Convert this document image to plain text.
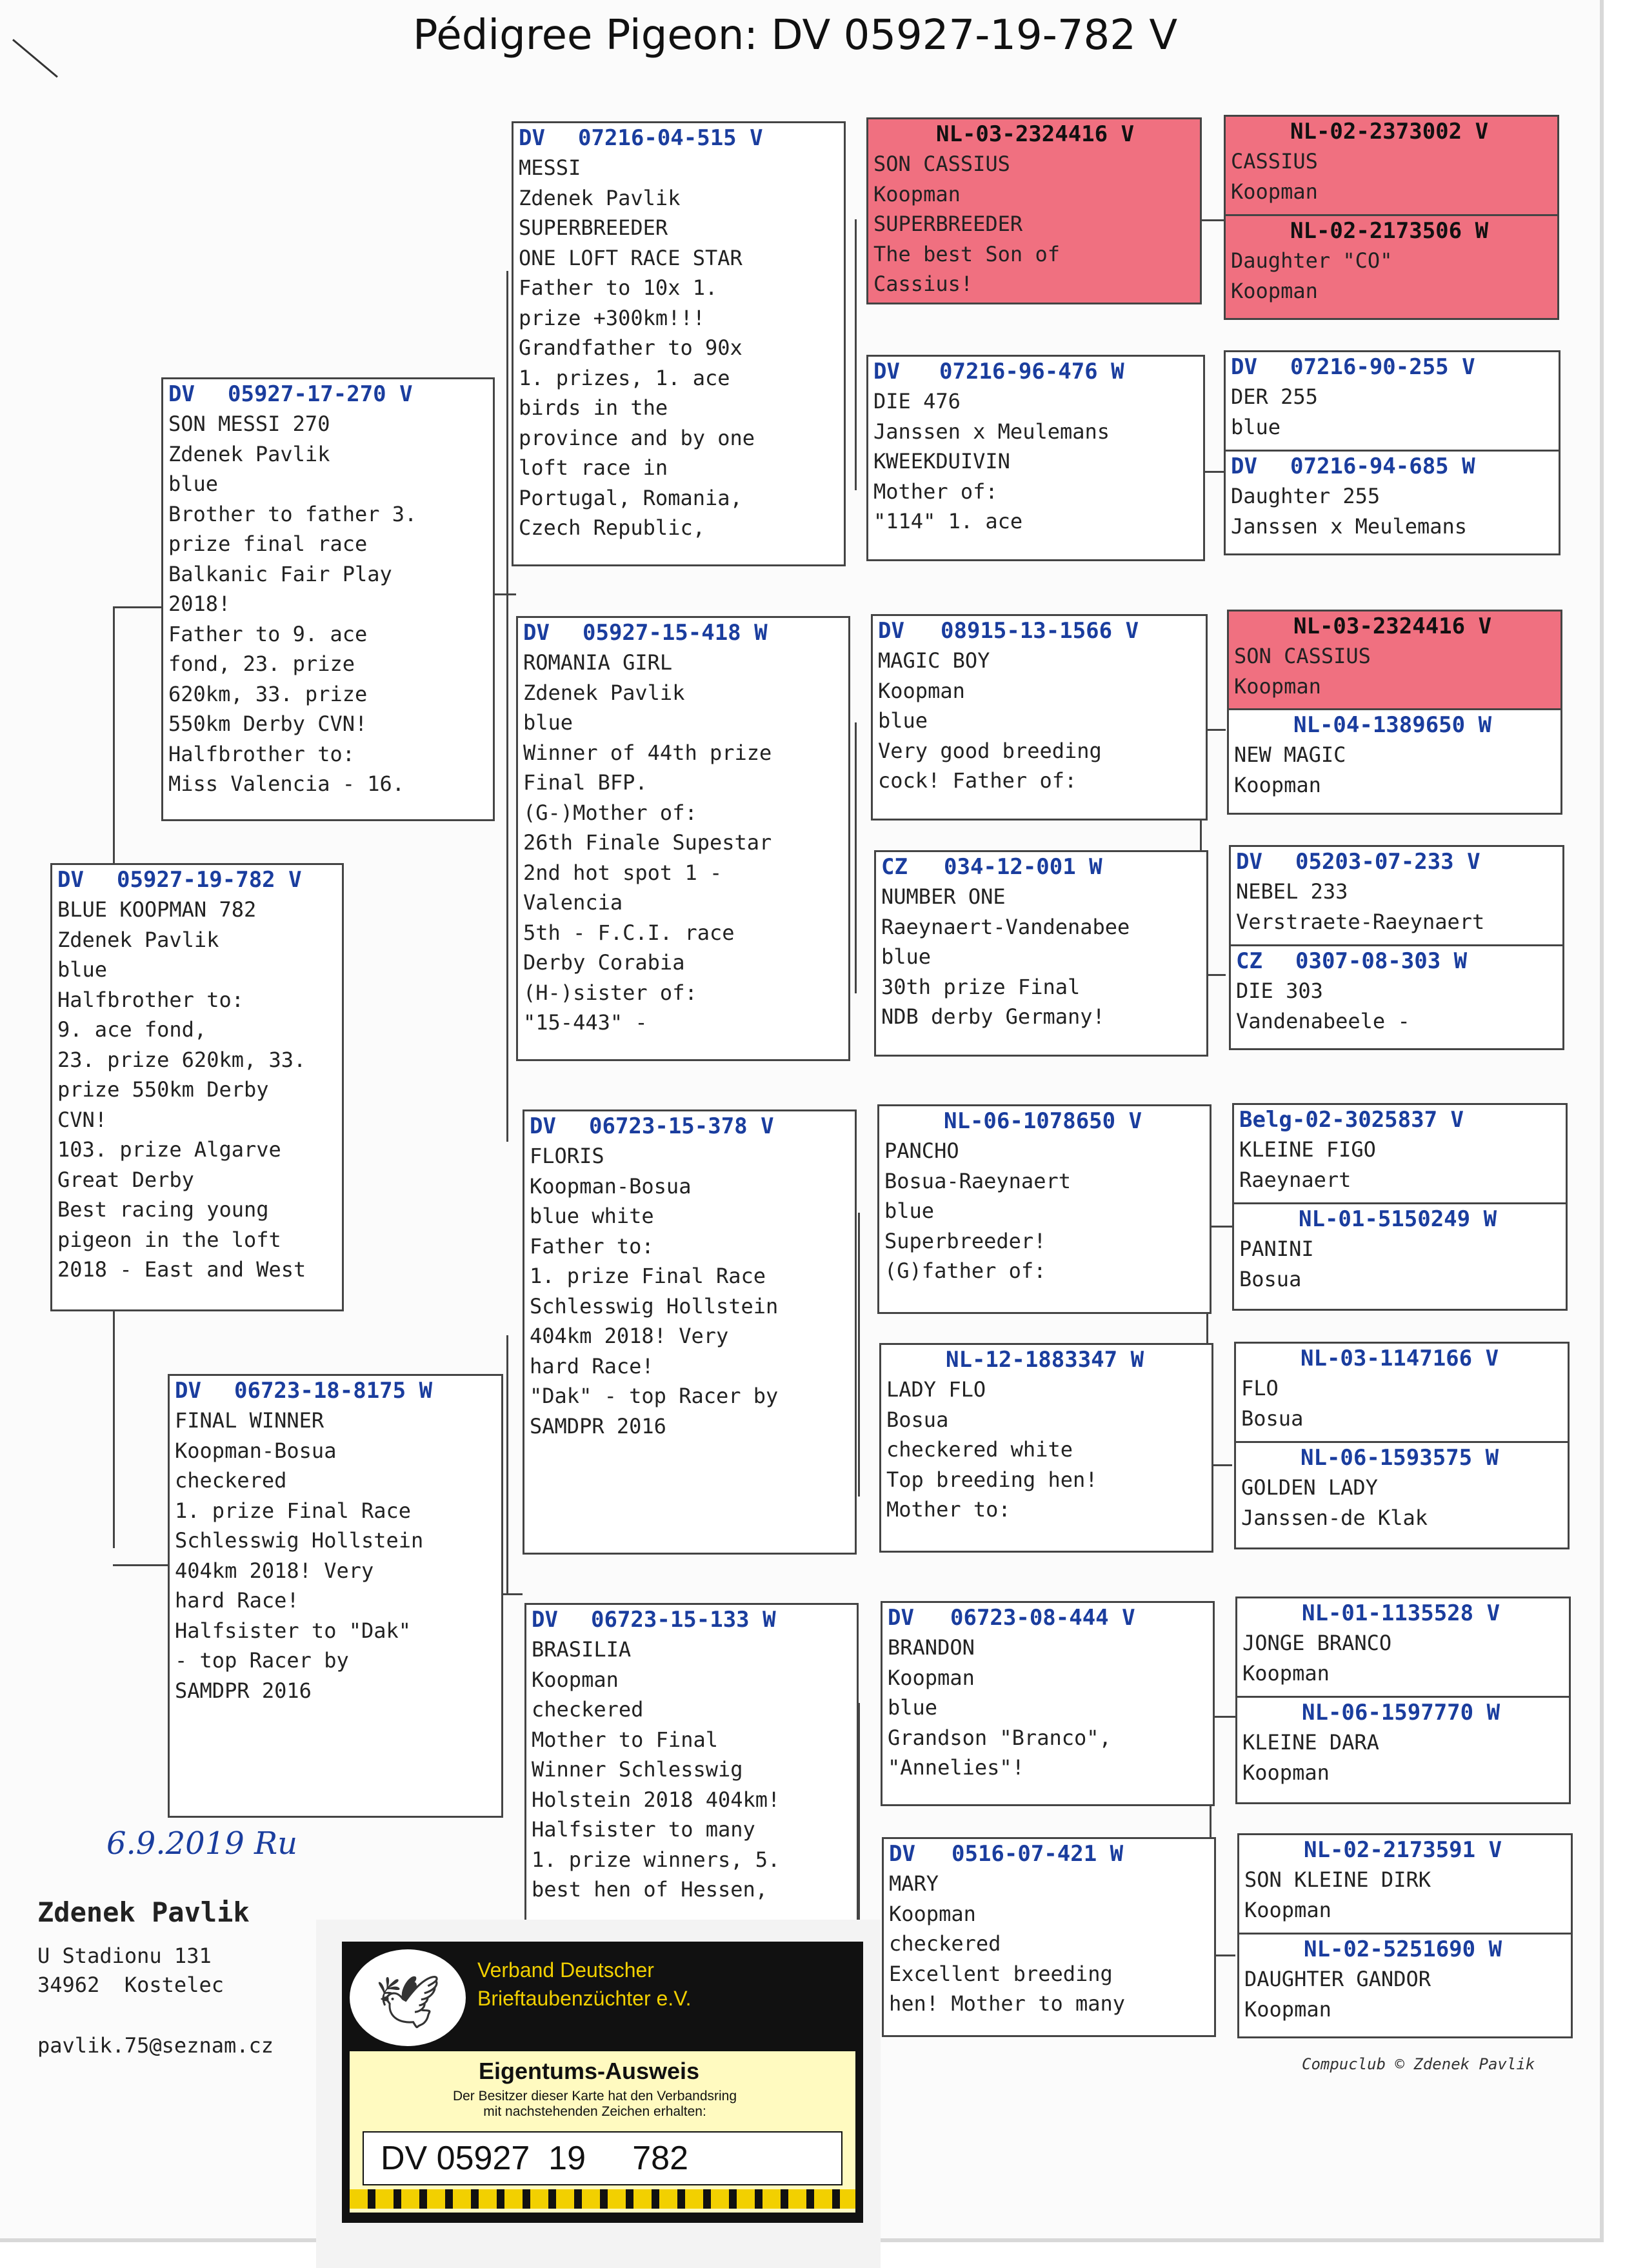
Pédigree Pigeon: DV 05927-19-782 V
DV 05927-19-782 V
BLUE KOOPMAN 782
Zdenek Pavlik
blue
Halfbrother to:
9. ace fond,
23. prize 620km, 33.
prize 550km Derby
CVN!
103. prize Algarve
Great Derby
Best racing young
pigeon in the loft
2018 - East and West
DV 05927-17-270 V
SON MESSI 270
Zdenek Pavlik
blue
Brother to father 3.
prize final race
Balkanic Fair Play
2018!
Father to 9. ace
fond, 23. prize
620km, 33. prize
550km Derby CVN!
Halfbrother to:
Miss Valencia - 16.
DV 06723-18-8175 W
FINAL WINNER
Koopman-Bosua
checkered
1. prize Final Race
Schlesswig Hollstein
404km 2018! Very
hard Race!
Halfsister to "Dak"
- top Racer by
SAMDPR 2016
DV 07216-04-515 V
MESSI
Zdenek Pavlik
SUPERBREEDER
ONE LOFT RACE STAR
Father to 10x 1.
prize +300km!!!
Grandfather to 90x
1. prizes, 1. ace
birds in the
province and by one
loft race in
Portugal, Romania,
Czech Republic,
DV 05927-15-418 W
ROMANIA GIRL
Zdenek Pavlik
blue
Winner of 44th prize
Final BFP.
(G-)Mother of:
26th Finale Supestar
2nd hot spot 1 -
Valencia
5th - F.C.I. race
Derby Corabia
(H-)sister of:
"15-443" -
DV 06723-15-378 V
FLORIS
Koopman-Bosua
blue white
Father to:
1. prize Final Race
Schlesswig Hollstein
404km 2018! Very
hard Race!
"Dak" - top Racer by
SAMDPR 2016
DV 06723-15-133 W
BRASILIA
Koopman
checkered
Mother to Final
Winner Schlesswig
Holstein 2018 404km!
Halfsister to many
1. prize winners, 5.
best hen of Hessen,
NL-03-2324416 V
SON CASSIUS
Koopman
SUPERBREEDER
The best Son of
Cassius!
DV 07216-96-476 W
DIE 476
Janssen x Meulemans
KWEEKDUIVIN
Mother of:
"114" 1. ace
DV 08915-13-1566 V
MAGIC BOY
Koopman
blue
Very good breeding
cock! Father of:
CZ 034-12-001 W
NUMBER ONE
Raeynaert-Vandenabee
blue
30th prize Final
NDB derby Germany!
NL-06-1078650 V
PANCHO
Bosua-Raeynaert
blue
Superbreeder!
(G)father of:
NL-12-1883347 W
LADY FLO
Bosua
checkered white
Top breeding hen!
Mother to:
DV 06723-08-444 V
BRANDON
Koopman
blue
Grandson "Branco",
"Annelies"!
DV 0516-07-421 W
MARY
Koopman
checkered
Excellent breeding
hen! Mother to many
NL-02-2373002 V
CASSIUS
Koopman
NL-02-2173506 W
Daughter "CO"
Koopman
DV 07216-90-255 V
DER 255
blue
DV 07216-94-685 W
Daughter 255
Janssen x Meulemans
NL-03-2324416 V
SON CASSIUS
Koopman
NL-04-1389650 W
NEW MAGIC
Koopman
DV 05203-07-233 V
NEBEL 233
Verstraete-Raeynaert
CZ 0307-08-303 W
DIE 303
Vandenabeele -
Belg-02-3025837 V
KLEINE FIGO
Raeynaert
NL-01-5150249 W
PANINI
Bosua
NL-03-1147166 V
FLO
Bosua
NL-06-1593575 W
GOLDEN LADY
Janssen-de Klak
NL-01-1135528 V
JONGE BRANCO
Koopman
NL-06-1597770 W
KLEINE DARA
Koopman
NL-02-2173591 V
SON KLEINE DIRK
Koopman
NL-02-5251690 W
DAUGHTER GANDOR
Koopman
6.9.2019 Ru
Zdenek Pavlik
U Stadionu 131
34962  Kostelec
pavlik.75@seznam.cz
Compuclub © Zdenek Pavlik
🕊
Verband Deutscher
Brieftaubenzüchter e.V.
Eigentums-Ausweis
Der Besitzer dieser Karte hat den Verbandsring
mit nachstehenden Zeichen erhalten:
DV 05927  19     782
